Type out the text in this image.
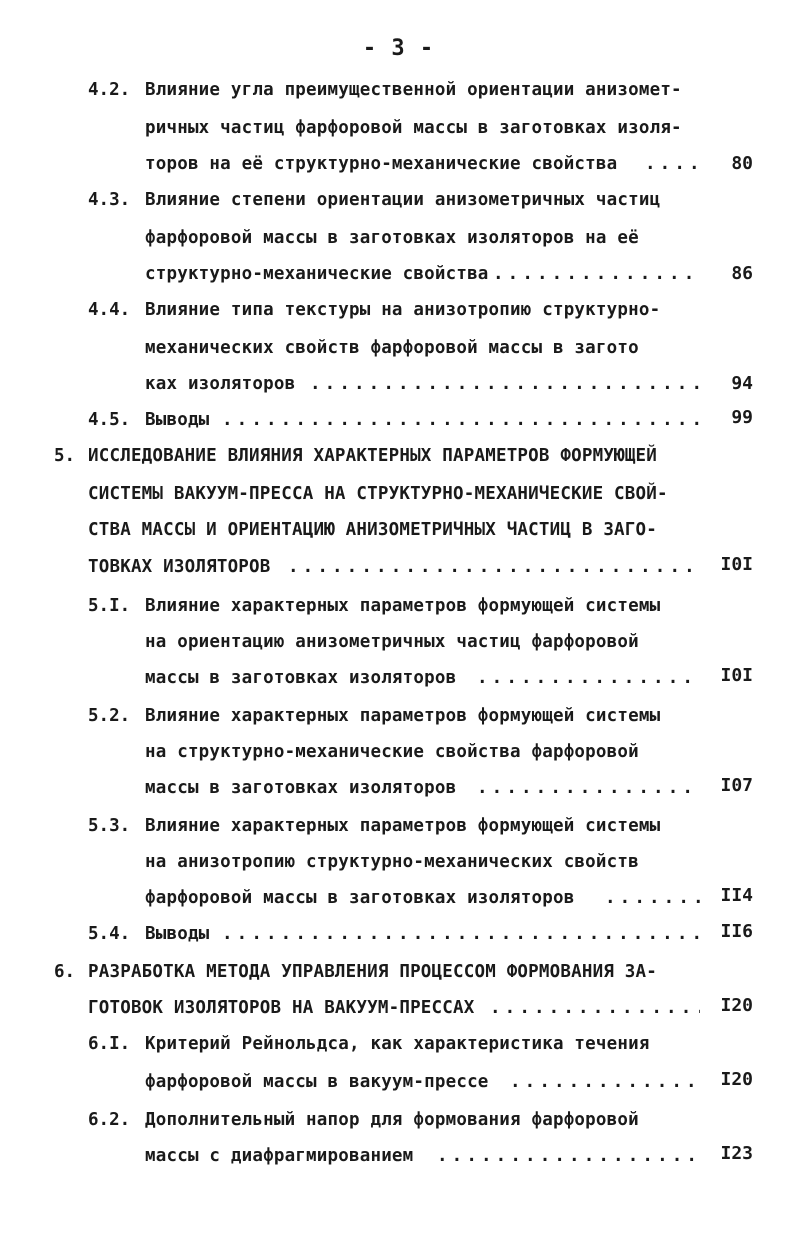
- 3 -
4.2. Влияние угла преимущественной ориентации анизомет-
ричных частиц фарфоровой массы в заготовках изоля-
торов на её структурно-механические свойства . . .	80
4.3. Влияние степени ориентации анизометричных частиц
фарфоровой массы в заготовках изоляторов на её
структурно-механические свойства . . .	86
4.4. Влияние типа текстуры на анизотропию структурно-
механических свойств фарфоровой массы в загото
ках изоляторов . . .	94
4.5. Выводы . . .	99
5. ИССЛЕДОВАНИЕ ВЛИЯНИЯ ХАРАКТЕРНЫХ ПАРАМЕТРОВ ФОРМУЮЩЕЙ
СИСТЕМЫ ВАКУУМ-ПРЕССА НА СТРУКТУРНО-МЕХАНИЧЕСКИЕ СВОЙ-
СТВА МАССЫ И ОРИЕНТАЦИЮ АНИЗОМЕТРИЧНЫХ ЧАСТИЦ В ЗАГО-
ТОВКАХ ИЗОЛЯТОРОВ . . .	I0I
5.I. Влияние характерных параметров формующей системы
на ориентацию анизометричных частиц фарфоровой
массы в заготовках изоляторов . . .	I0I
5.2. Влияние характерных параметров формующей системы
на структурно-механические свойства фарфоровой
массы в заготовках изоляторов . . .	I07
5.3. Влияние характерных параметров формующей системы
на анизотропию структурно-механических свойств
фарфоровой массы в заготовках изоляторов . . .	II4
5.4. Выводы . . .	II6
6. РАЗРАБОТКА МЕТОДА УПРАВЛЕНИЯ ПРОЦЕССОМ ФОРМОВАНИЯ ЗА-
ГОТОВОК ИЗОЛЯТОРОВ НА ВАКУУМ-ПРЕССАХ . . .	I20
6.I. Критерий Рейнольдса, как характеристика течения
фарфоровой массы в вакуум-прессе . . .	I20
6.2. Дополнительный напор для формования фарфоровой
массы с диафрагмированием . . .	I23
